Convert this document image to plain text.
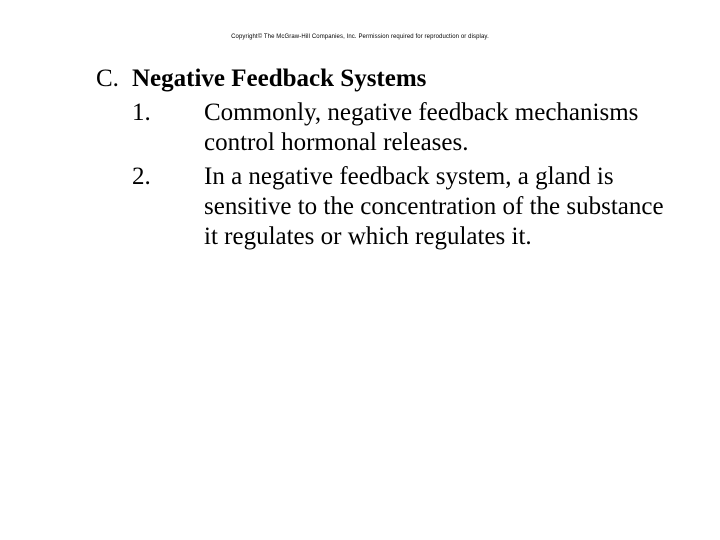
Copyright© The McGraw-Hill Companies, Inc. Permission required for reproduction or display.
C. Negative Feedback Systems
1.	Commonly, negative feedback mechanisms control hormonal releases.
2.	In a negative feedback system, a gland is sensitive to the concentration of the substance it regulates or which regulates it.
